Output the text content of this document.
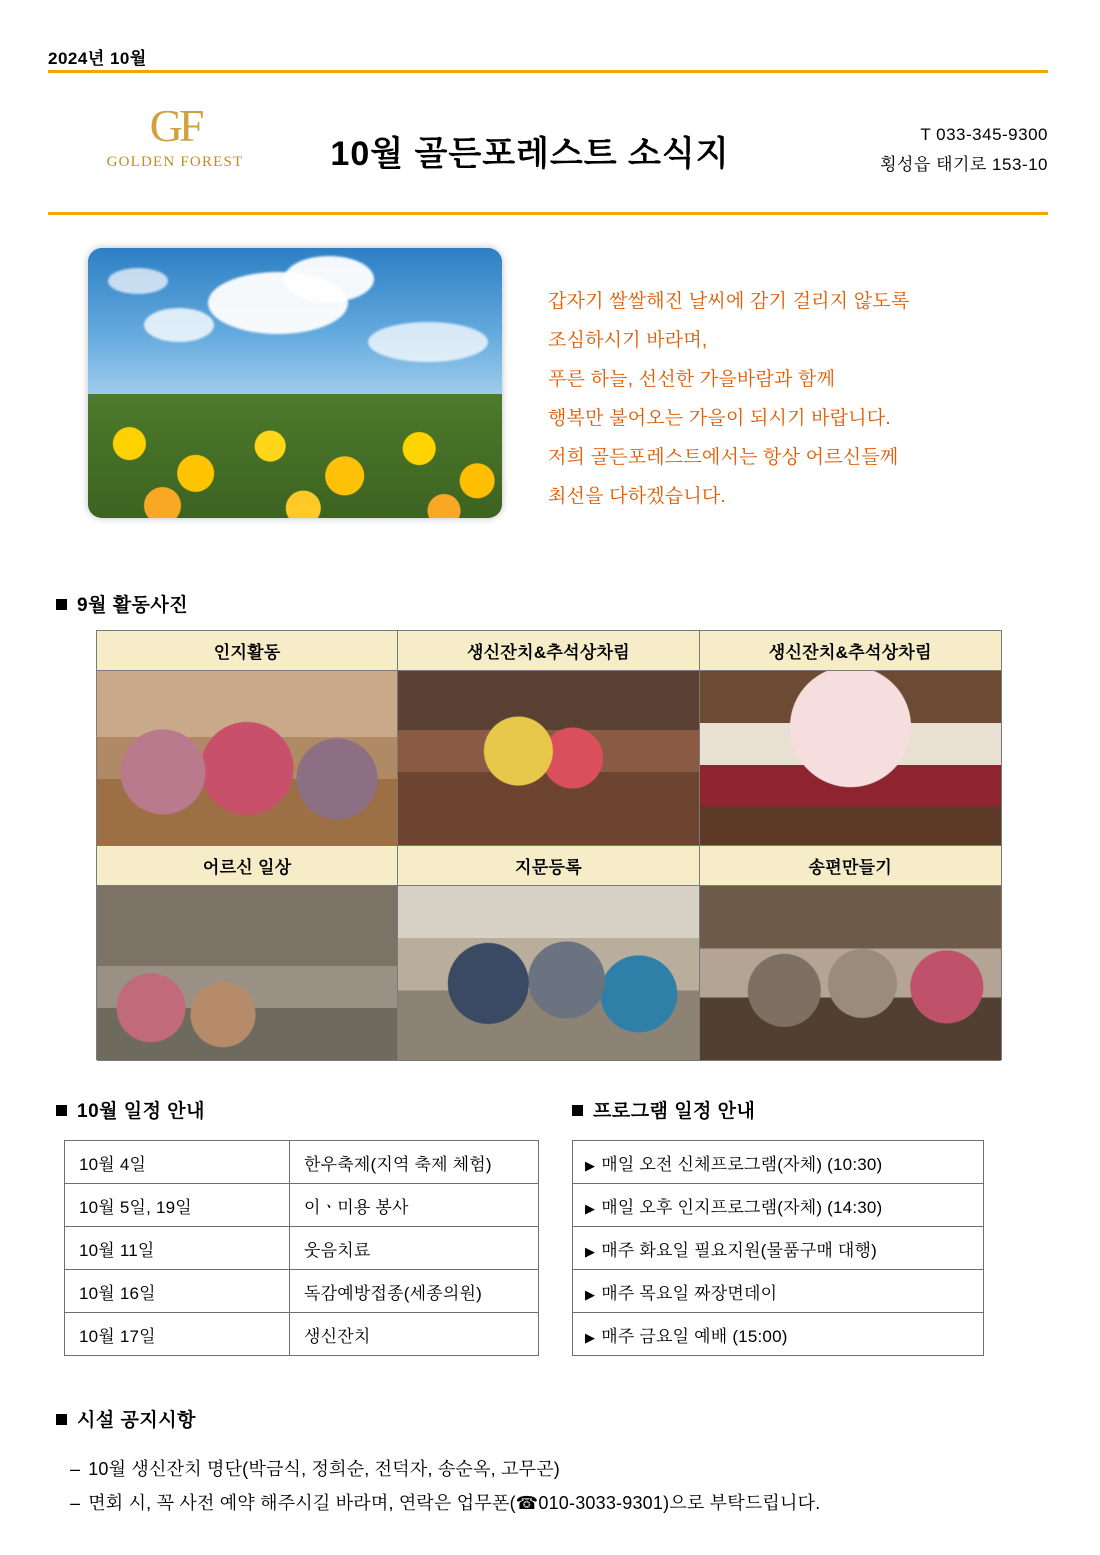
2024년 10월
GF
GOLDEN FOREST	10월 골든포레스트 소식지
T 033-345-9300
횡성읍 태기로 153-10
갑자기 쌀쌀해진 날씨에 감기 걸리지 않도록
조심하시기 바라며,
푸른 하늘, 선선한 가을바람과 함께
행복만 불어오는 가을이 되시기 바랍니다.
저희 골든포레스트에서는 항상 어르신들께
최선을 다하겠습니다.
9월 활동사진
인지활동	생신잔치&추석상차림	생신잔치&추석상차림
어르신 일상	지문등록	송편만들기
10월 일정 안내	프로그램 일정 안내
10월 4일	한우축제(지역 축제 체험)
10월 5일, 19일	이ㆍ미용 봉사
10월 11일	웃음치료
10월 16일	독감예방접종(세종의원)
10월 17일	생신잔치
▶ 매일 오전 신체프로그램(자체) (10:30)
▶ 매일 오후 인지프로그램(자체) (14:30)
▶ 매주 화요일 필요지원(물품구매 대행)
▶ 매주 목요일 짜장면데이
▶ 매주 금요일 예배 (15:00)
시설 공지시항
– 10월 생신잔치 명단(박금식, 정희순, 전덕자, 송순옥, 고무곤)
– 면회 시, 꼭 사전 예약 해주시길 바라며, 연락은 업무폰(☎010-3033-9301)으로 부탁드립니다.
